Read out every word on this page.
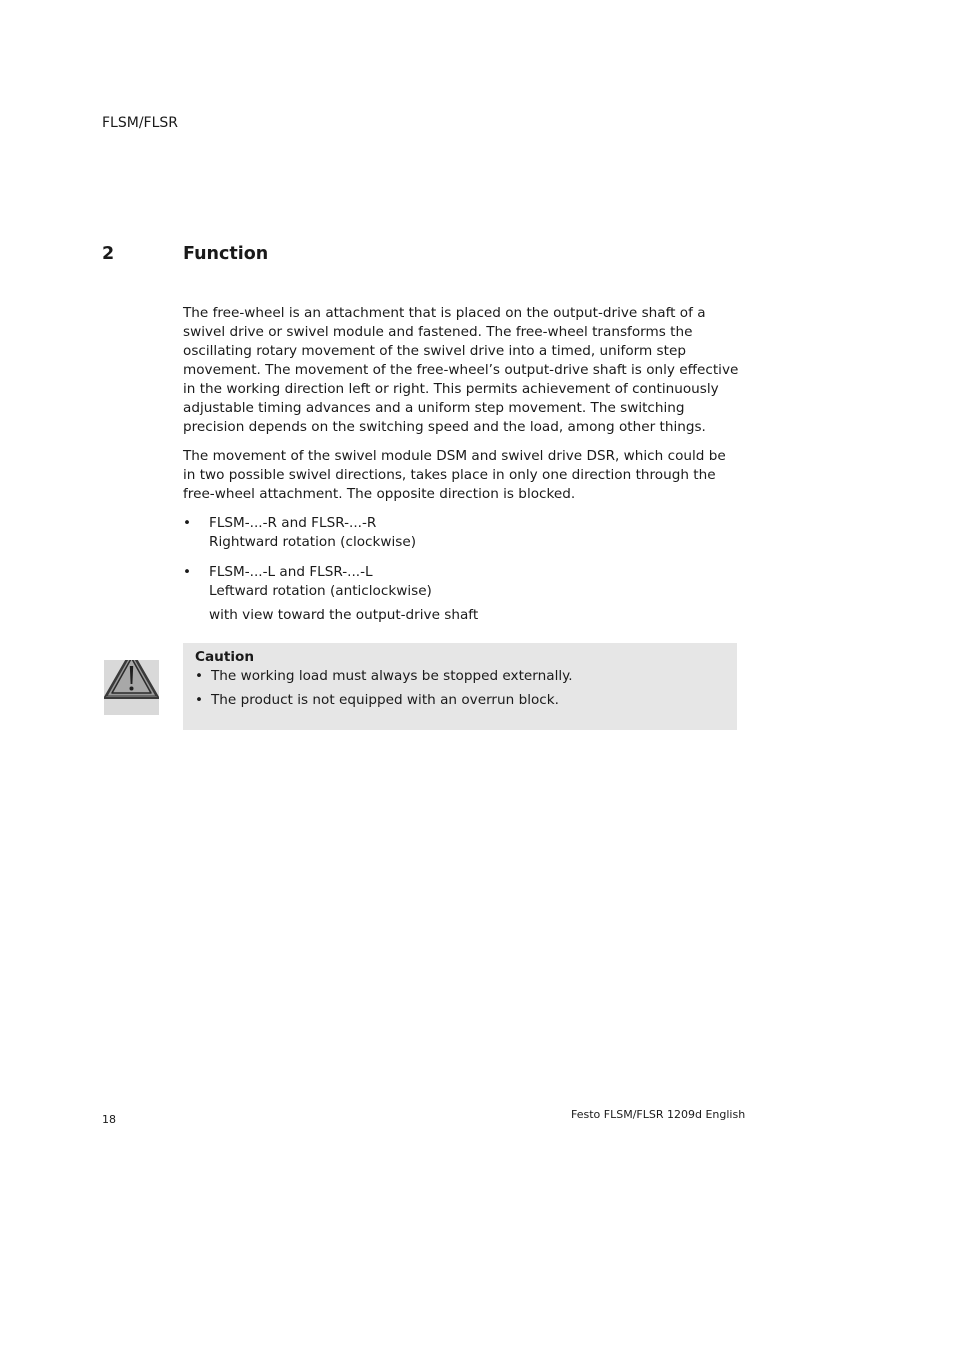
FLSM/FLSR
2	Function
The free-wheel is an attachment that is placed on the output-drive shaft of a swivel drive or swivel module and fastened. The free-wheel transforms the oscillating rotary movement of the swivel drive into a timed, uniform step movement. The movement of the free-wheel’s output-drive shaft is only effective in the working direction left or right. This permits achievement of continuously adjustable timing advances and a uniform step movement. The switching precision depends on the switching speed and the load, among other things.
The movement of the swivel module DSM and swivel drive DSR, which could be in two possible swivel directions, takes place in only one direction through the free-wheel attachment. The opposite direction is blocked.
• FLSM-...-R and FLSR-...-R
Rightward rotation (clockwise)
• FLSM-...-L and FLSR-...-L
Leftward rotation (anticlockwise)
with view toward the output-drive shaft
Caution
• The working load must always be stopped externally.
• The product is not equipped with an overrun block.
18	Festo FLSM/FLSR 1209d English
